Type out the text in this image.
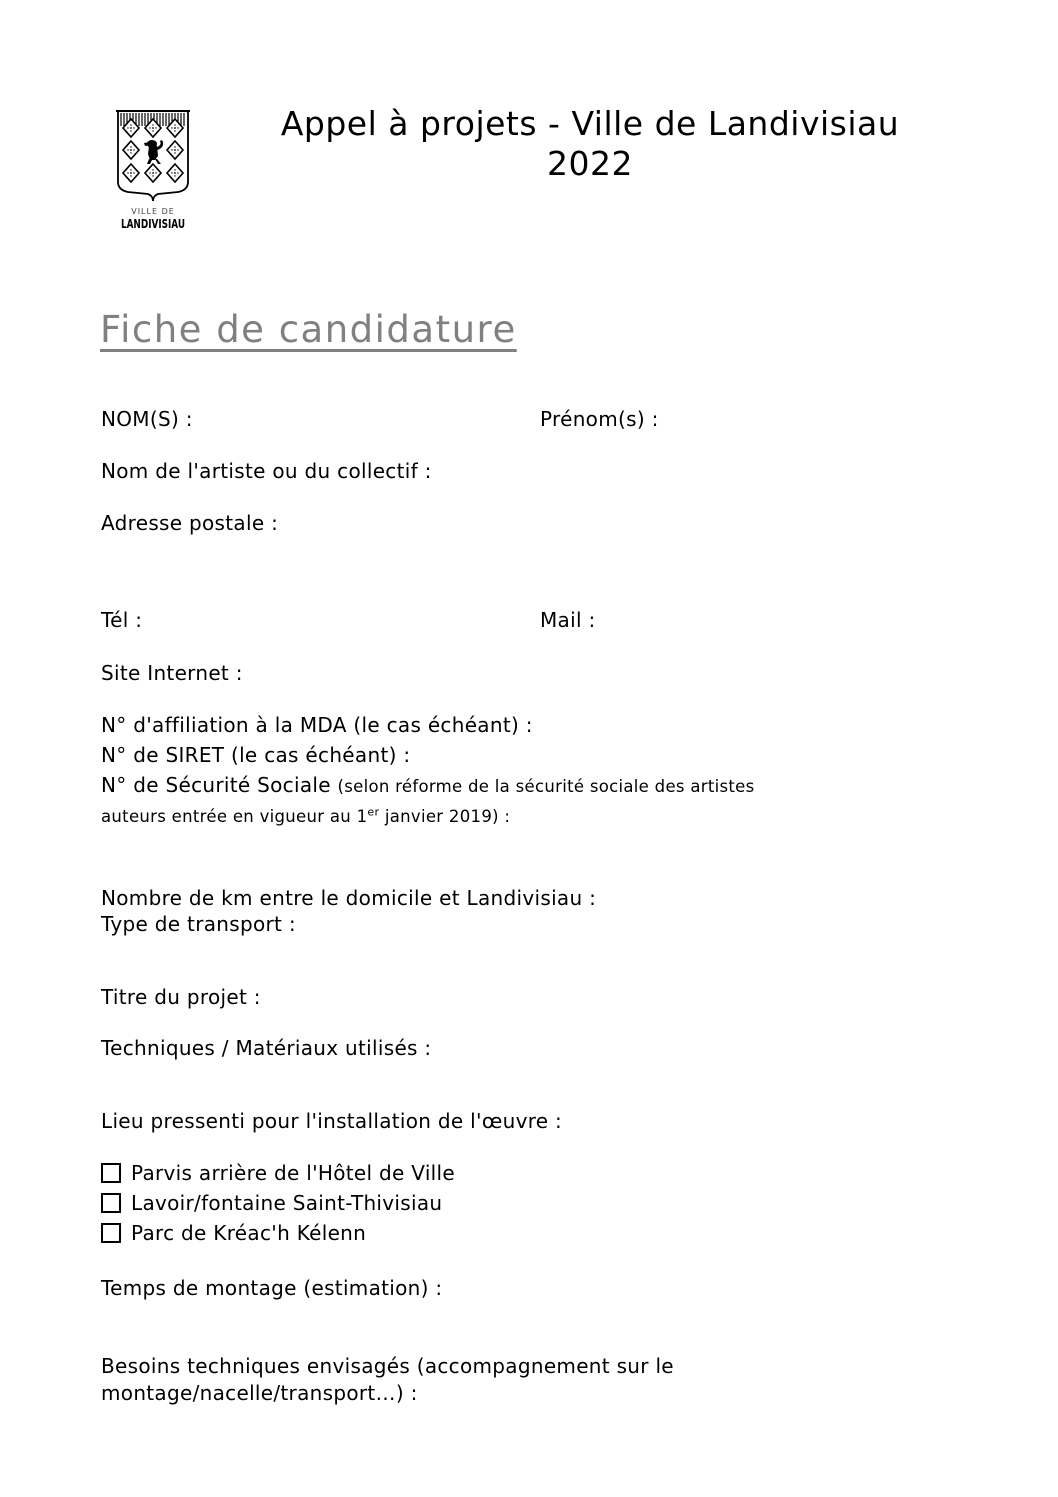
VILLE DE
LANDIVISIAU
Appel à projets - Ville de Landivisiau
2022
Fiche de candidature
NOM(S) :	Prénom(s) :
Nom de l'artiste ou du collectif :
Adresse postale :
Tél :	Mail :
Site Internet :
N° d'affiliation à la MDA (le cas échéant) :
N° de SIRET (le cas échéant) :
N° de Sécurité Sociale (selon réforme de la sécurité sociale des artistes
auteurs entrée en vigueur au 1er janvier 2019) :
Nombre de km entre le domicile et Landivisiau :
Type de transport :
Titre du projet :
Techniques / Matériaux utilisés :
Lieu pressenti pour l'installation de l'œuvre :
Parvis arrière de l'Hôtel de Ville
Lavoir/fontaine Saint-Thivisiau
Parc de Kréac'h Kélenn
Temps de montage (estimation) :
Besoins techniques envisagés (accompagnement sur le
montage/nacelle/transport…) :
